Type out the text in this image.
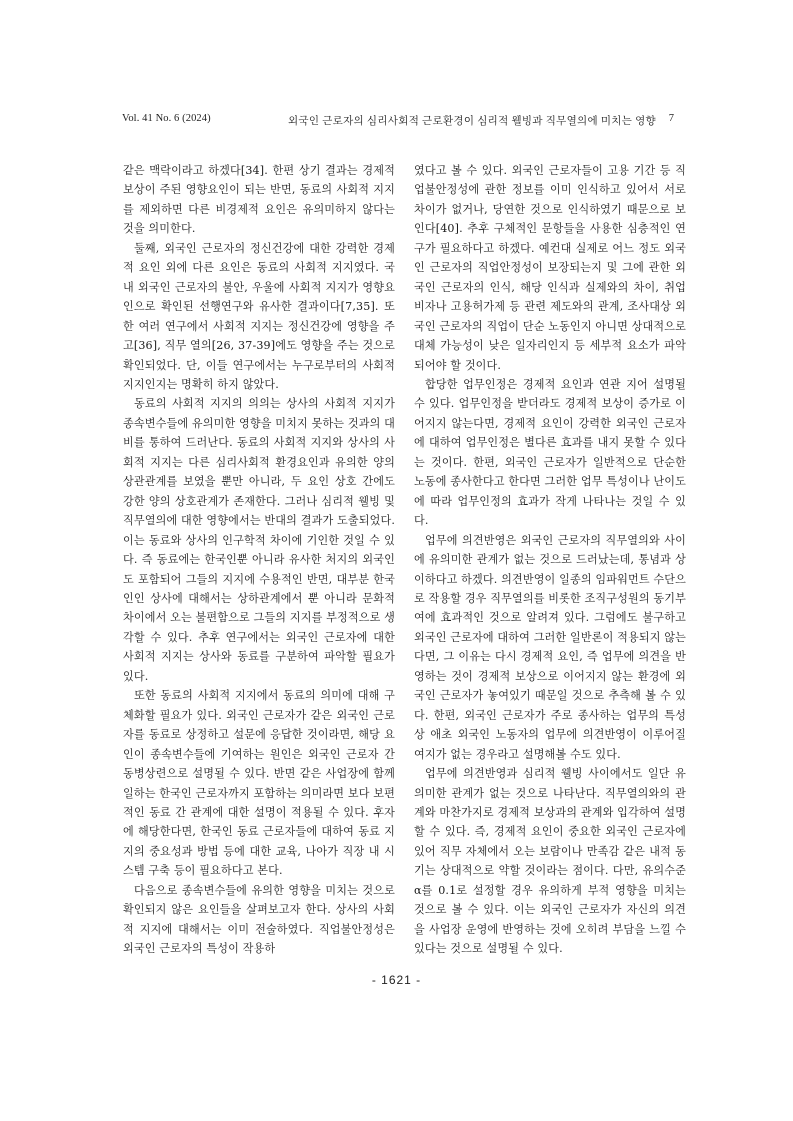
Vol. 41 No. 6 (2024)	외국인 근로자의 심리사회적 근로환경이 심리적 웰빙과 직무열의에 미치는 영향 7

같은 맥락이라고 하겠다[34]. 한편 상기 결과는 경제적 보상이 주된 영향요인이 되는 반면, 동료의 사회적 지지를 제외하면 다른 비경제적 요인은 유의미하지 않다는 것을 의미한다.

둘째, 외국인 근로자의 정신건강에 대한 강력한 경제적 요인 외에 다른 요인은 동료의 사회적 지지였다. 국내 외국인 근로자의 불안, 우울에 사회적 지지가 영향요인으로 확인된 선행연구와 유사한 결과이다[7,35]. 또한 여러 연구에서 사회적 지지는 정신건강에 영향을 주고[36], 직무 열의[26, 37-39]에도 영향을 주는 것으로 확인되었다. 단, 이들 연구에서는 누구로부터의 사회적 지지인지는 명확히 하지 않았다.

동료의 사회적 지지의 의의는 상사의 사회적 지지가 종속변수들에 유의미한 영향을 미치지 못하는 것과의 대비를 통하여 드러난다. 동료의 사회적 지지와 상사의 사회적 지지는 다른 심리사회적 환경요인과 유의한 양의 상관관계를 보였을 뿐만 아니라, 두 요인 상호 간에도 강한 양의 상호관계가 존재한다. 그러나 심리적 웰빙 및 직무열의에 대한 영향에서는 반대의 결과가 도출되었다. 이는 동료와 상사의 인구학적 차이에 기인한 것일 수 있다. 즉 동료에는 한국인뿐 아니라 유사한 처지의 외국인도 포함되어 그들의 지지에 수용적인 반면, 대부분 한국인인 상사에 대해서는 상하관계에서 뿐 아니라 문화적 차이에서 오는 불편함으로 그들의 지지를 부정적으로 생각할 수 있다. 추후 연구에서는 외국인 근로자에 대한 사회적 지지는 상사와 동료를 구분하여 파악할 필요가 있다.

또한 동료의 사회적 지지에서 동료의 의미에 대해 구체화할 필요가 있다. 외국인 근로자가 같은 외국인 근로자를 동료로 상정하고 설문에 응답한 것이라면, 해당 요인이 종속변수들에 기여하는 원인은 외국인 근로자 간 동병상련으로 설명될 수 있다. 반면 같은 사업장에 함께 일하는 한국인 근로자까지 포함하는 의미라면 보다 보편적인 동료 간 관계에 대한 설명이 적용될 수 있다. 후자에 해당한다면, 한국인 동료 근로자들에 대하여 동료 지지의 중요성과 방법 등에 대한 교육, 나아가 직장 내 시스템 구축 등이 필요하다고 본다.

다음으로 종속변수들에 유의한 영향을 미치는 것으로 확인되지 않은 요인들을 살펴보고자 한다. 상사의 사회적 지지에 대해서는 이미 전술하였다. 직업불안정성은 외국인 근로자의 특성이 작용하

였다고 볼 수 있다. 외국인 근로자들이 고용 기간 등 직업불안정성에 관한 정보를 이미 인식하고 있어서 서로 차이가 없거나, 당연한 것으로 인식하였기 때문으로 보인다[40]. 추후 구체적인 문항들을 사용한 심층적인 연구가 필요하다고 하겠다. 예컨대 실제로 어느 정도 외국인 근로자의 직업안정성이 보장되는지 및 그에 관한 외국인 근로자의 인식, 해당 인식과 실제와의 차이, 취업비자나 고용허가제 등 관련 제도와의 관계, 조사대상 외국인 근로자의 직업이 단순 노동인지 아니면 상대적으로 대체 가능성이 낮은 일자리인지 등 세부적 요소가 파악되어야 할 것이다.

합당한 업무인정은 경제적 요인과 연관 지어 설명될 수 있다. 업무인정을 받더라도 경제적 보상이 증가로 이어지지 않는다면, 경제적 요인이 강력한 외국인 근로자에 대하여 업무인정은 별다른 효과를 내지 못할 수 있다는 것이다. 한편, 외국인 근로자가 일반적으로 단순한 노동에 종사한다고 한다면 그러한 업무 특성이나 난이도에 따라 업무인정의 효과가 작게 나타나는 것일 수 있다.

업무에 의견반영은 외국인 근로자의 직무열의와 사이에 유의미한 관계가 없는 것으로 드러났는데, 통념과 상이하다고 하겠다. 의견반영이 일종의 임파워먼트 수단으로 작용할 경우 직무열의를 비롯한 조직구성원의 동기부여에 효과적인 것으로 알려져 있다. 그럼에도 불구하고 외국인 근로자에 대하여 그러한 일반론이 적용되지 않는다면, 그 이유는 다시 경제적 요인, 즉 업무에 의견을 반영하는 것이 경제적 보상으로 이어지지 않는 환경에 외국인 근로자가 놓여있기 때문일 것으로 추측해 볼 수 있다. 한편, 외국인 근로자가 주로 종사하는 업무의 특성상 애초 외국인 노동자의 업무에 의견반영이 이루어질 여지가 없는 경우라고 설명해볼 수도 있다.

업무에 의견반영과 심리적 웰빙 사이에서도 일단 유의미한 관계가 없는 것으로 나타난다. 직무열의와의 관계와 마찬가지로 경제적 보상과의 관계와 입각하여 설명할 수 있다. 즉, 경제적 요인이 중요한 외국인 근로자에 있어 직무 자체에서 오는 보람이나 만족감 같은 내적 동기는 상대적으로 약할 것이라는 점이다. 다만, 유의수준 α를 0.1로 설정할 경우 유의하게 부적 영향을 미치는 것으로 볼 수 있다. 이는 외국인 근로자가 자신의 의견을 사업장 운영에 반영하는 것에 오히려 부담을 느낄 수 있다는 것으로 설명될 수 있다.

- 1621 -
